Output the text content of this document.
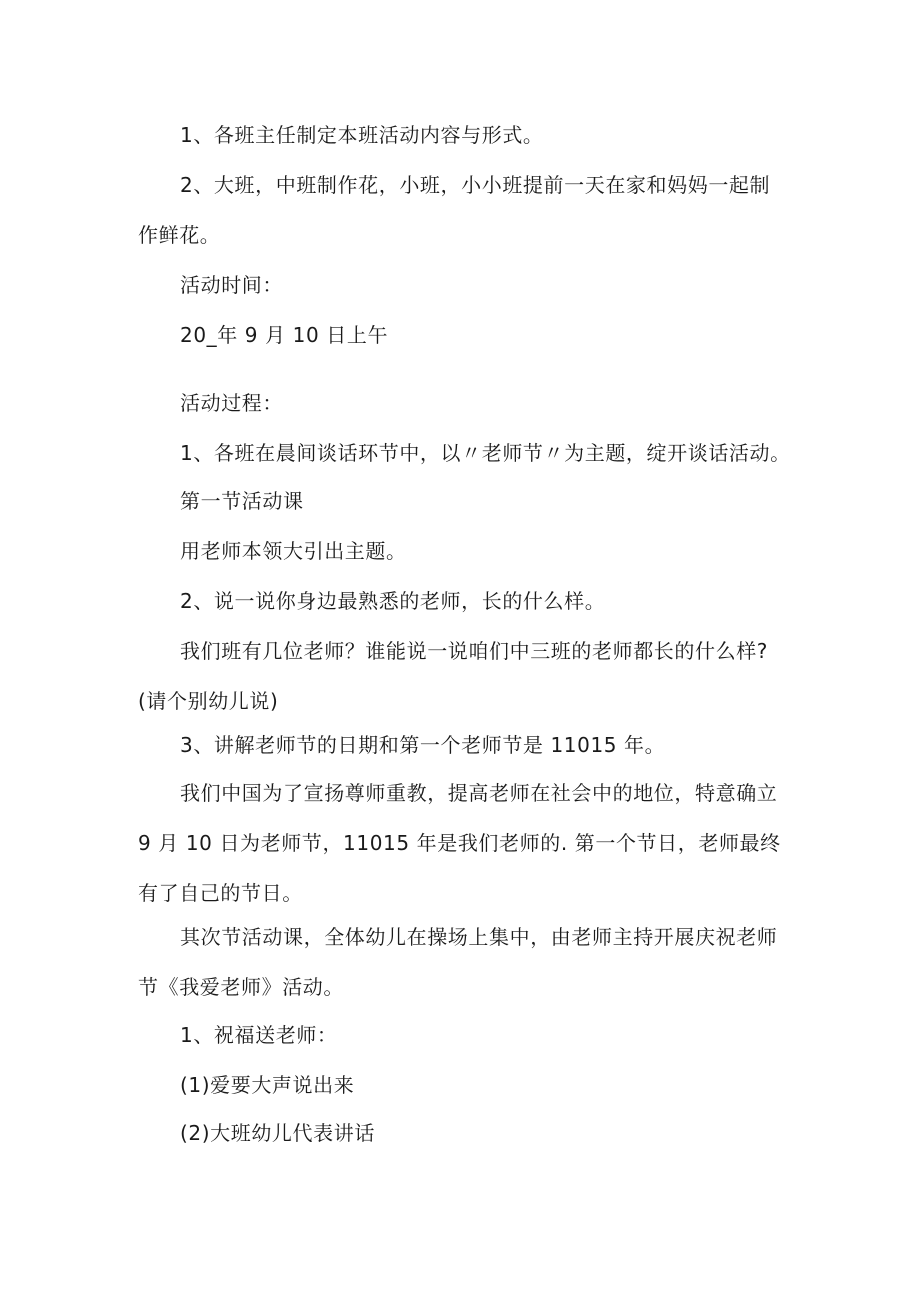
1、各班主任制定本班活动内容与形式。
2、大班，中班制作花，小班，小小班提前一天在家和妈妈一起制作鲜花。
活动时间：
20_年 9 月 10 日上午
活动过程：
1、各班在晨间谈话环节中，以〃老师节〃为主题，绽开谈话活动。
第一节活动课
用老师本领大引出主题。
2、说一说你身边最熟悉的老师，长的什么样。
我们班有几位老师？谁能说一说咱们中三班的老师都长的什么样?(请个别幼儿说)
3、讲解老师节的日期和第一个老师节是 11015 年。
我们中国为了宣扬尊师重教，提高老师在社会中的地位，特意确立 9 月 10 日为老师节，11015 年是我们老师的. 第一个节日，老师最终有了自己的节日。
其次节活动课，全体幼儿在操场上集中，由老师主持开展庆祝老师节《我爱老师》活动。
1、祝福送老师：
(1)爱要大声说出来
(2)大班幼儿代表讲话
